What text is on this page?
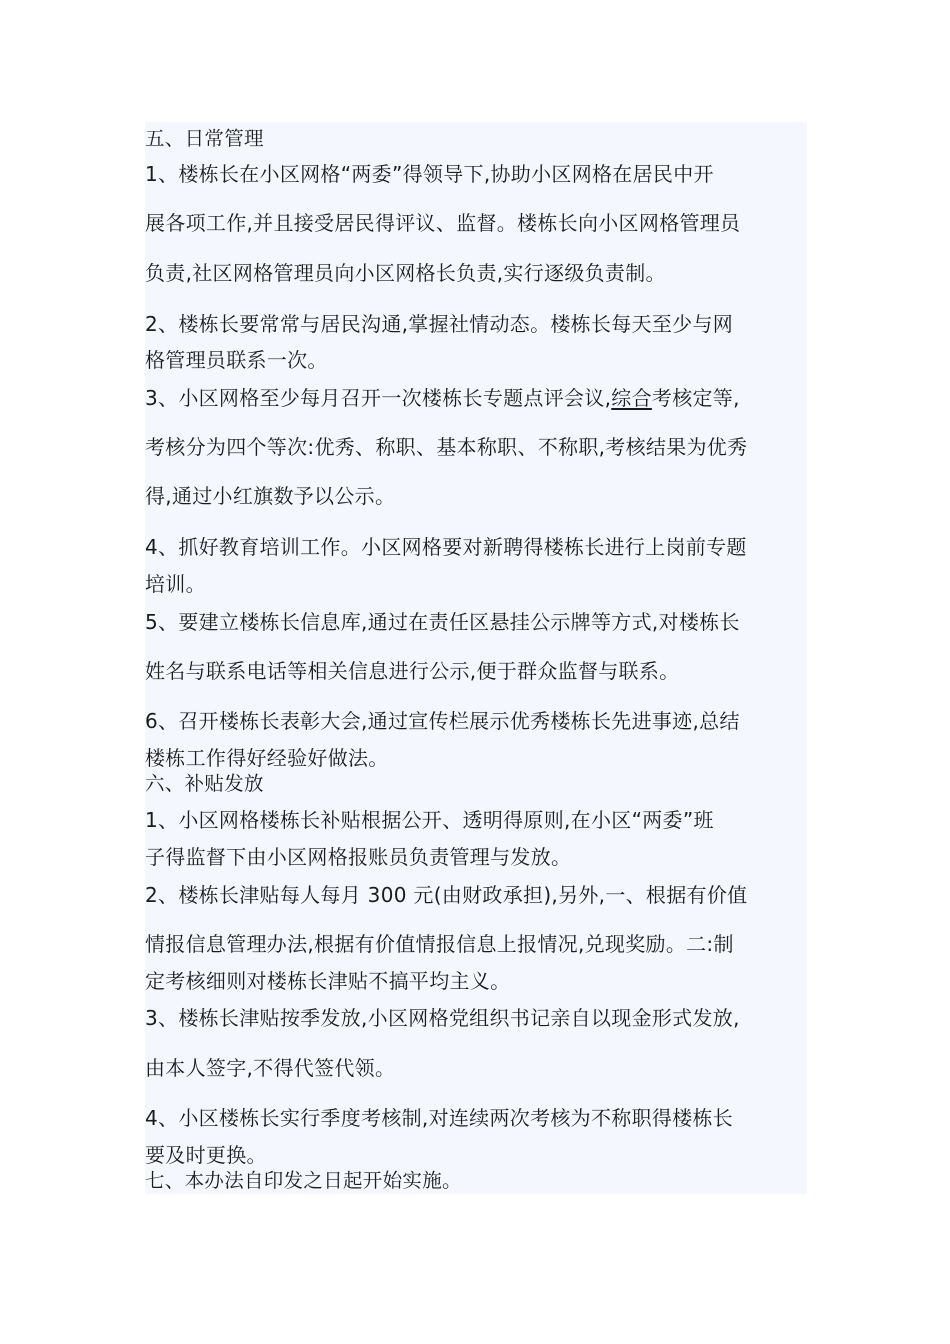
五、日常管理
1、楼栋长在小区网格“两委”得领导下,协助小区网格在居民中开
展各项工作,并且接受居民得评议、监督。楼栋长向小区网格管理员
负责,社区网格管理员向小区网格长负责,实行逐级负责制。
2、楼栋长要常常与居民沟通,掌握社情动态。楼栋长每天至少与网
格管理员联系一次。
3、小区网格至少每月召开一次楼栋长专题点评会议,综合考核定等,
考核分为四个等次:优秀、称职、基本称职、不称职,考核结果为优秀
得,通过小红旗数予以公示。
4、抓好教育培训工作。小区网格要对新聘得楼栋长进行上岗前专题
培训。
5、要建立楼栋长信息库,通过在责任区悬挂公示牌等方式,对楼栋长
姓名与联系电话等相关信息进行公示,便于群众监督与联系。
6、召开楼栋长表彰大会,通过宣传栏展示优秀楼栋长先进事迹,总结
楼栋工作得好经验好做法。
六、补贴发放
1、小区网格楼栋长补贴根据公开、透明得原则,在小区“两委”班
子得监督下由小区网格报账员负责管理与发放。
2、楼栋长津贴每人每月 300 元(由财政承担),另外,一、根据有价值
情报信息管理办法,根据有价值情报信息上报情况,兑现奖励。二:制
定考核细则对楼栋长津贴不搞平均主义。
3、楼栋长津贴按季发放,小区网格党组织书记亲自以现金形式发放,
由本人签字,不得代签代领。
4、小区楼栋长实行季度考核制,对连续两次考核为不称职得楼栋长
要及时更换。
七、本办法自印发之日起开始实施。
